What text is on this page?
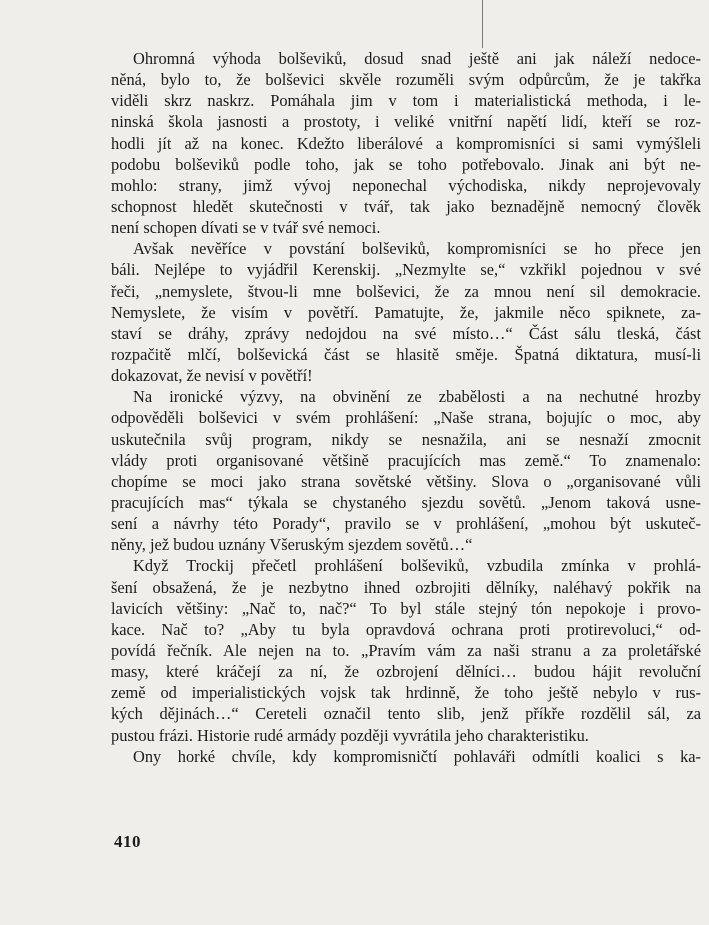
Ohromná výhoda bolševiků, dosud snad ještě ani jak náleží nedoce-
něná, bylo to, že bolševici skvěle rozuměli svým odpůrcům, že je takřka
viděli skrz naskrz. Pomáhala jim v tom i materialistická methoda, i le-
ninská škola jasnosti a prostoty, i veliké vnitřní napětí lidí, kteří se roz-
hodli jít až na konec. Kdežto liberálové a kompromisníci si sami vymýšleli
podobu bolševiků podle toho, jak se toho potřebovalo. Jinak ani být ne-
mohlo: strany, jimž vývoj neponechal východiska, nikdy neprojevovaly
schopnost hledět skutečnosti v tvář, tak jako beznadějně nemocný člověk
není schopen dívati se v tvář své nemoci.
Avšak nevěříce v povstání bolševiků, kompromisníci se ho přece jen
báli. Nejlépe to vyjádřil Kerenskij. „Nezmylte se,“ vzkřikl pojednou v své
řeči, „nemyslete, štvou-li mne bolševici, že za mnou není sil demokracie.
Nemyslete, že visím v povětří. Pamatujte, že, jakmile něco spiknete, za-
staví se dráhy, zprávy nedojdou na své místo…“ Část sálu tleská, část
rozpačitě mlčí, bolševická část se hlasitě směje. Špatná diktatura, musí-li
dokazovat, že nevisí v povětří!
Na ironické výzvy, na obvinění ze zbabělosti a na nechutné hrozby
odpověděli bolševici v svém prohlášení: „Naše strana, bojujíc o moc, aby
uskutečnila svůj program, nikdy se nesnažila, ani se nesnaží zmocnit
vlády proti organisované většině pracujících mas země.“ To znamenalo:
chopíme se moci jako strana sovětské většiny. Slova o „organisované vůli
pracujících mas“ týkala se chystaného sjezdu sovětů. „Jenom taková usne-
sení a návrhy této Porady“, pravilo se v prohlášení, „mohou být uskuteč-
něny, jež budou uznány Všeruským sjezdem sovětů…“
Když Trockij přečetl prohlášení bolševiků, vzbudila zmínka v prohlá-
šení obsažená, že je nezbytno ihned ozbrojiti dělníky, naléhavý pokřik na
lavicích většiny: „Nač to, nač?“ To byl stále stejný tón nepokoje i provo-
kace. Nač to? „Aby tu byla opravdová ochrana proti protirevoluci,“ od-
povídá řečník. Ale nejen na to. „Pravím vám za naši stranu a za proletářské
masy, které kráčejí za ní, že ozbrojení dělníci… budou hájit revoluční
země od imperialistických vojsk tak hrdinně, že toho ještě nebylo v rus-
kých dějinách…“ Cereteli označil tento slib, jenž příkře rozdělil sál, za
pustou frázi. Historie rudé armády později vyvrátila jeho charakteristiku.
Ony horké chvíle, kdy kompromisničtí pohlaváři odmítli koalici s ka-
410
